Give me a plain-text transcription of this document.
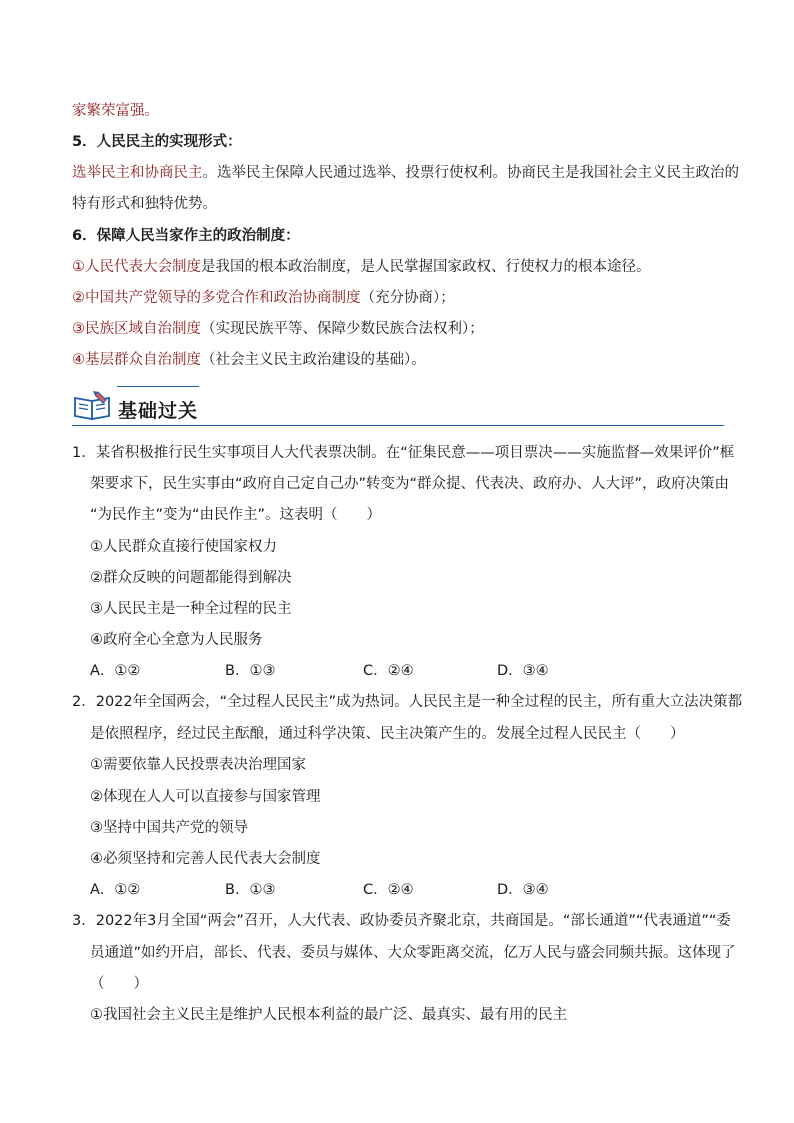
家繁荣富强。
5．人民民主的实现形式：
选举民主和协商民主。选举民主保障人民通过选举、投票行使权利。协商民主是我国社会主义民主政治的
特有形式和独特优势。
6．保障人民当家作主的政治制度：
①人民代表大会制度是我国的根本政治制度，是人民掌握国家政权、行使权力的根本途径。
②中国共产党领导的多党合作和政治协商制度（充分协商）；
③民族区域自治制度（实现民族平等、保障少数民族合法权利）；
④基层群众自治制度（社会主义民主政治建设的基础）。
基础过关
1．某省积极推行民生实事项目人大代表票决制。在“征集民意——项目票决——实施监督—效果评价”框
架要求下，民生实事由“政府自己定自己办”转变为“群众提、代表决、政府办、人大评”，政府决策由
“为民作主”变为“由民作主”。这表明（　　）
①人民群众直接行使国家权力
②群众反映的问题都能得到解决
③人民民主是一种全过程的民主
④政府全心全意为人民服务
A．①②	B．①③	C．②④	D．③④
2．2022年全国两会，“全过程人民民主”成为热词。人民民主是一种全过程的民主，所有重大立法决策都
是依照程序，经过民主酝酿，通过科学决策、民主决策产生的。发展全过程人民民主（　　）
①需要依靠人民投票表决治理国家
②体现在人人可以直接参与国家管理
③坚持中国共产党的领导
④必须坚持和完善人民代表大会制度
A．①②	B．①③	C．②④	D．③④
3．2022年3月全国“两会”召开，人大代表、政协委员齐聚北京，共商国是。“部长通道”“代表通道”“委
员通道”如约开启，部长、代表、委员与媒体、大众零距离交流，亿万人民与盛会同频共振。这体现了
（　　）
①我国社会主义民主是维护人民根本利益的最广泛、最真实、最有用的民主
